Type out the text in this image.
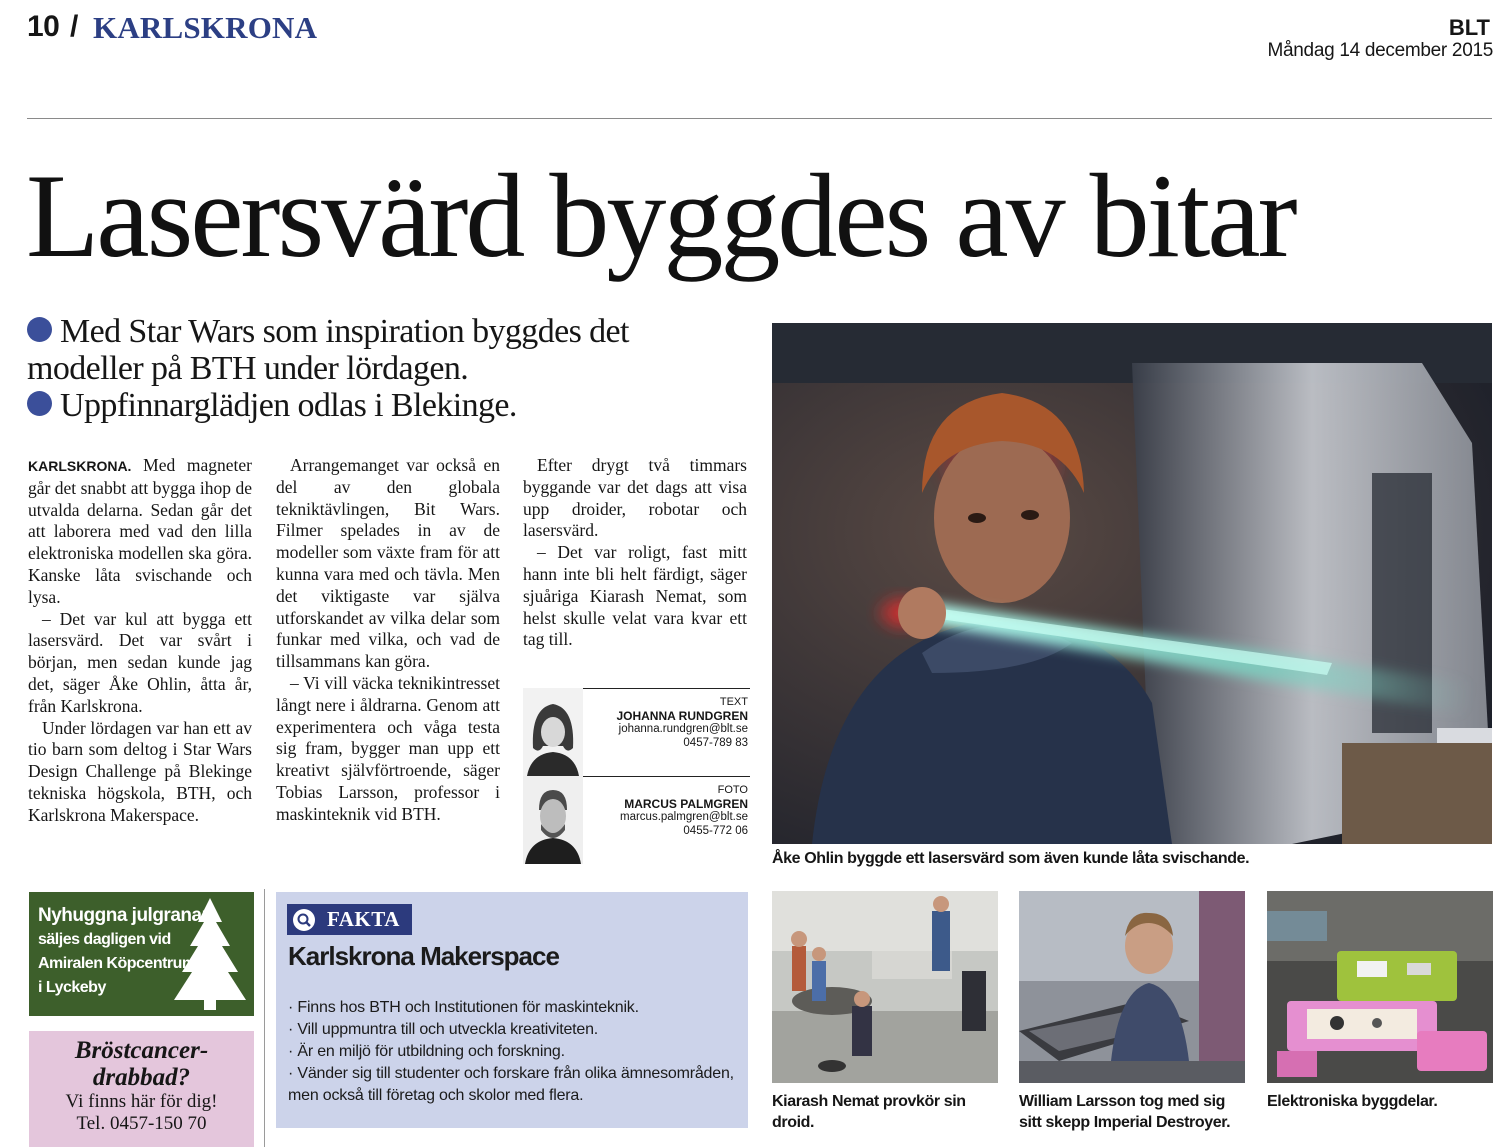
10 / KARLSKRONA	BLT
Måndag 14 december 2015
Lasersvärd byggdes av bitar

Med Star Wars som inspiration byggdes det modeller på BTH under lördagen.

Uppfinnarglädjen odlas i Blekinge.

KARLSKRONA. Med magneter går det snabbt att bygga ihop de utvalda delarna. Sedan går det att laborera med vad den lilla elektroniska modellen ska göra. Kanske låta svischande och lysa.

– Det var kul att bygga ett lasersvärd. Det var svårt i början, men sedan kunde jag det, säger Åke Ohlin, åtta år, från Karlskrona.

Under lördagen var han ett av tio barn som deltog i Star Wars Design Challenge på Blekinge tekniska högskola, BTH, och Karlskrona Makerspace.

Arrangemanget var också en del av den globala tekniktävlingen, Bit Wars. Filmer spelades in av de modeller som växte fram för att kunna vara med och tävla. Men det viktigaste var själva utforskandet av vilka delar som funkar med vilka, och vad de tillsammans kan göra.

– Vi vill väcka teknikintresset långt nere i åldrarna. Genom att experimentera och våga testa sig fram, bygger man upp ett kreativt självförtroende, säger Tobias Larsson, professor i maskinteknik vid BTH.

Efter drygt två timmars byggande var det dags att visa upp droider, robotar och lasersvärd.

– Det var roligt, fast mitt hann inte bli helt färdigt, säger sjuåriga Kiarash Nemat, som helst skulle velat vara kvar ett tag till.

TEXT
JOHANNA RUNDGREN
johanna.rundgren@blt.se
0457-789 83
FOTO
MARCUS PALMGREN
marcus.palmgren@blt.se
0455-772 06
Åke Ohlin byggde ett lasersvärd som även kunde låta svischande.
Kiarash Nemat provkör sin droid.
William Larsson tog med sig sitt skepp Imperial Destroyer.
Elektroniska byggdelar.
Nyhuggna julgranar
säljes dagligen vid
Amiralen Köpcentrum
i Lyckeby
Bröstcancer-
drabbad?
Vi finns här för dig!
Tel. 0457-150 70
FAKTA
Karlskrona Makerspace
· Finns hos BTH och Institutionen för maskinteknik.
· Vill uppmuntra till och utveckla kreativiteten.
· Är en miljö för utbildning och forskning.
· Vänder sig till studenter och forskare från olika ämnesområden, men också till företag och skolor med flera.
